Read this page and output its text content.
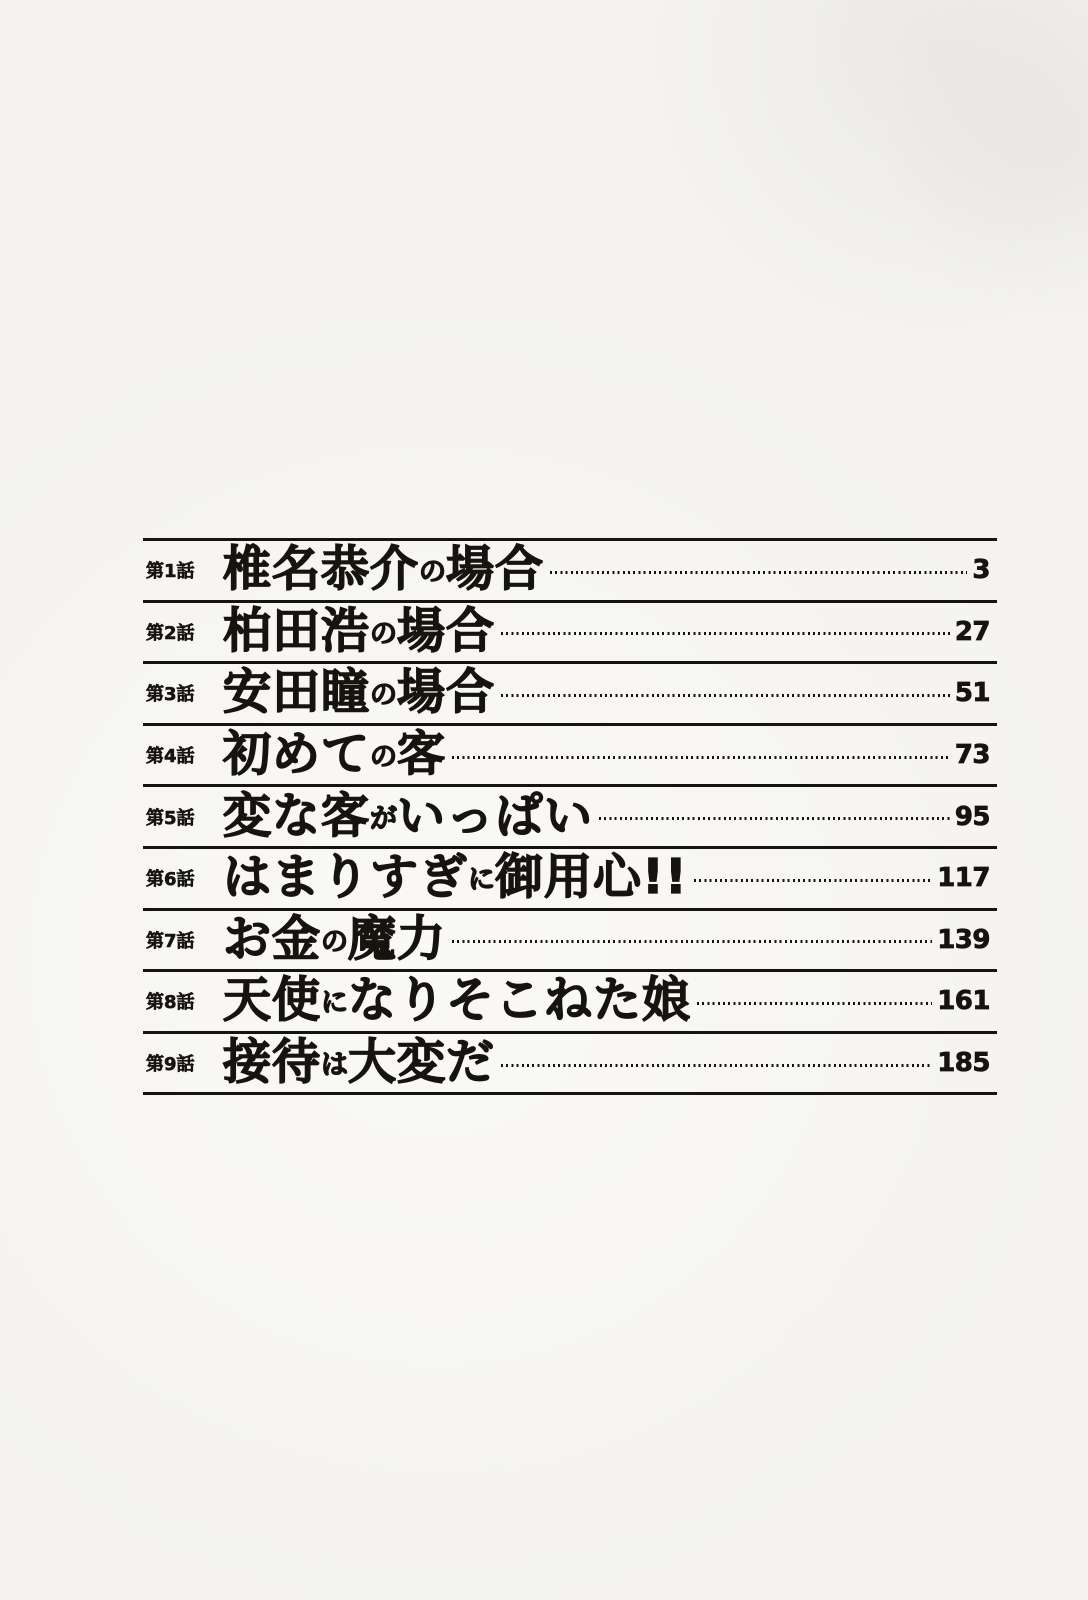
第1話 椎名恭介の場合	3
第2話 柏田浩の場合	27
第3話 安田瞳の場合	51
第4話 初めての客	73
第5話 変な客がいっぱい	95
第6話 はまりすぎに御用心!!	117
第7話 お金の魔力	139
第8話 天使になりそこねた娘	161
第9話 接待は大変だ	185
